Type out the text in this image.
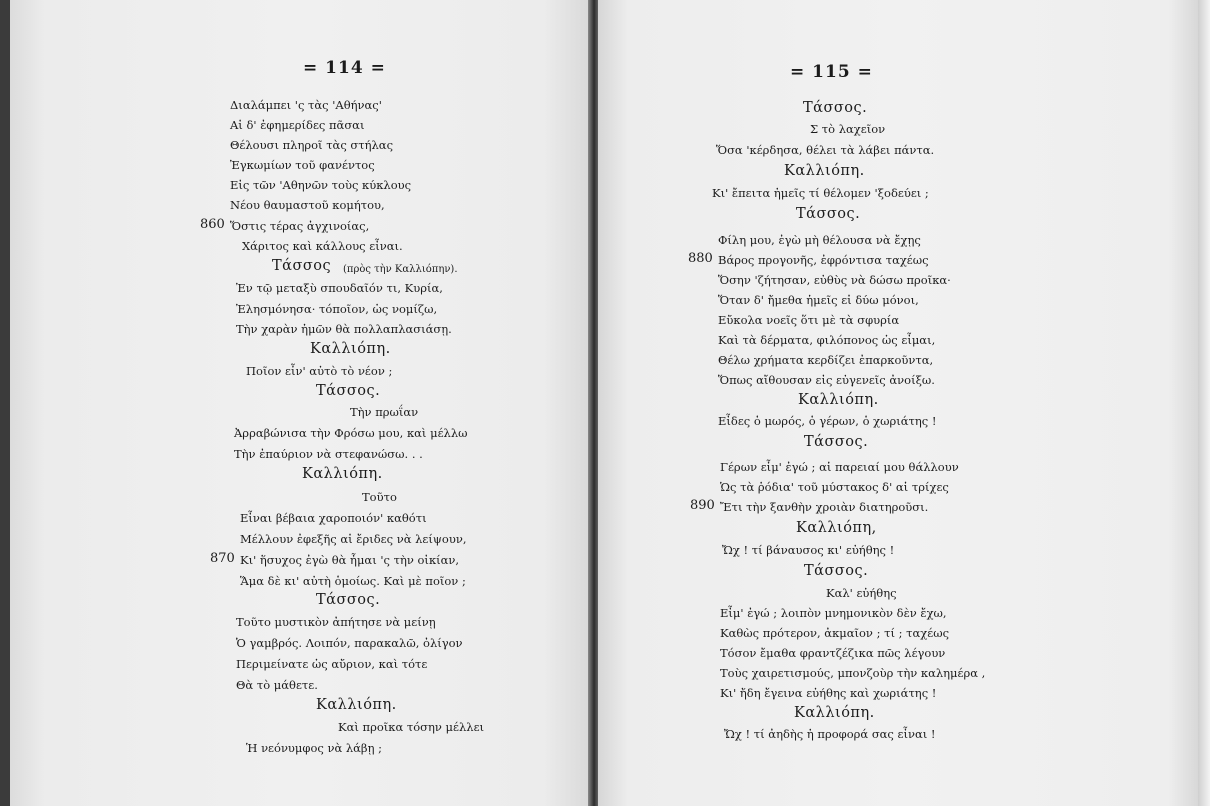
= 114 =
Διαλάμπει 'ς τὰς 'Αθήνας'
Αἱ δ' ἐφημερίδες πᾶσαι
Θέλουσι πληροῖ τὰς στήλας
Ἐγκωμίων τοῦ φανέντος
Εἰς τῶν 'Αθηνῶν τοὺς κύκλους
Νέου θαυμαστοῦ κομήτου,
860 Ὅστις τέρας ἀγχινοίας,
Χάριτος καὶ κάλλους εἶναι.
Τάσσος (πρὸς τὴν Καλλιόπην).
Ἐν τῷ μεταξὺ σπουδαῖόν τι, Κυρία,
Ἐλησμόνησα· τόποῖον, ὡς νομίζω,
Τὴν χαρὰν ἡμῶν θὰ πολλαπλασιάσῃ.
Καλλιόπη.
Ποῖον εἶν' αὐτὸ τὸ νέον ;
Τάσσος.
Τὴν πρωΐαν
Ἀρραβώνισα τὴν Φρόσω μου, καὶ μέλλω
Τὴν ἐπαύριον νὰ στεφανώσω. . .
Καλλιόπη.
Τοῦτο
Εἶναι βέβαια χαροποιόν' καθότι
Μέλλουν ἐφεξῆς αἱ ἔριδες νὰ λείψουν,
870 Κι' ἥσυχος ἐγὼ θὰ ἦμαι 'ς τὴν οἰκίαν,
Ἅμα δὲ κι' αὐτὴ ὁμοίως. Καὶ μὲ ποῖον ;
Τάσσος.
Τοῦτο μυστικὸν ἀπήτησε νὰ μείνῃ
Ὁ γαμβρός. Λοιπόν, παρακαλῶ, ὀλίγον
Περιμείνατε ὡς αὔριον, καὶ τότε
Θὰ τὸ μάθετε.
Καλλιόπη.
Καὶ προῖκα τόσην μέλλει
Ἡ νεόνυμφος νὰ λάβῃ ;
= 115 =
Τάσσος.
Σ τὸ λαχεῖον
Ὅσα 'κέρδησα, θέλει τὰ λάβει πάντα.
Καλλιόπη.
Κι' ἔπειτα ἡμεῖς τί θέλομεν 'ξοδεύει ;
Τάσσος.
Φίλη μου, ἐγὼ μὴ θέλουσα νὰ ἔχῃς
880 Βάρος προγονῆς, ἐφρόντισα ταχέως
Ὅσην 'ζήτησαν, εὐθὺς νὰ δώσω προῖκα·
Ὅταν δ' ἤμεθα ἡμεῖς εἰ δύω μόνοι,
Εὔκολα νοεῖς ὅτι μὲ τὰ σφυρία
Καὶ τὰ δέρματα, φιλόπονος ὡς εἶμαι,
Θέλω χρήματα κερδίζει ἐπαρκοῦντα,
Ὅπως αἴθουσαν εἰς εὐγενεῖς ἀνοίξω.
Καλλιόπη.
Εἶδες ὁ μωρός, ὁ γέρων, ὁ χωριάτης !
Τάσσος.
Γέρων εἶμ' ἐγώ ; αἱ παρειαί μου θάλλουν
Ὡς τὰ ῥόδια' τοῦ μύστακος δ' αἱ τρίχες
890 Ἔτι τὴν ξανθὴν χροιὰν διατηροῦσι.
Καλλιόπη,
Ὤχ ! τί βάναυσος κι' εὐήθης !
Τάσσος.
Καλ' εὐήθης
Εἶμ' ἐγώ ; λοιπὸν μνημονικὸν δὲν ἔχω,
Καθὼς πρότερον, ἀκμαῖον ; τί ; ταχέως
Τόσον ἔμαθα φραντζέζικα πῶς λέγουν
Τοὺς χαιρετισμούς, μπονζοὺρ τὴν καλημέρα ,
Κι' ἤδη ἔγεινα εὐήθης καὶ χωριάτης !
Καλλιόπη.
Ὤχ ! τί ἀηδὴς ἡ προφορά σας εἶναι !
